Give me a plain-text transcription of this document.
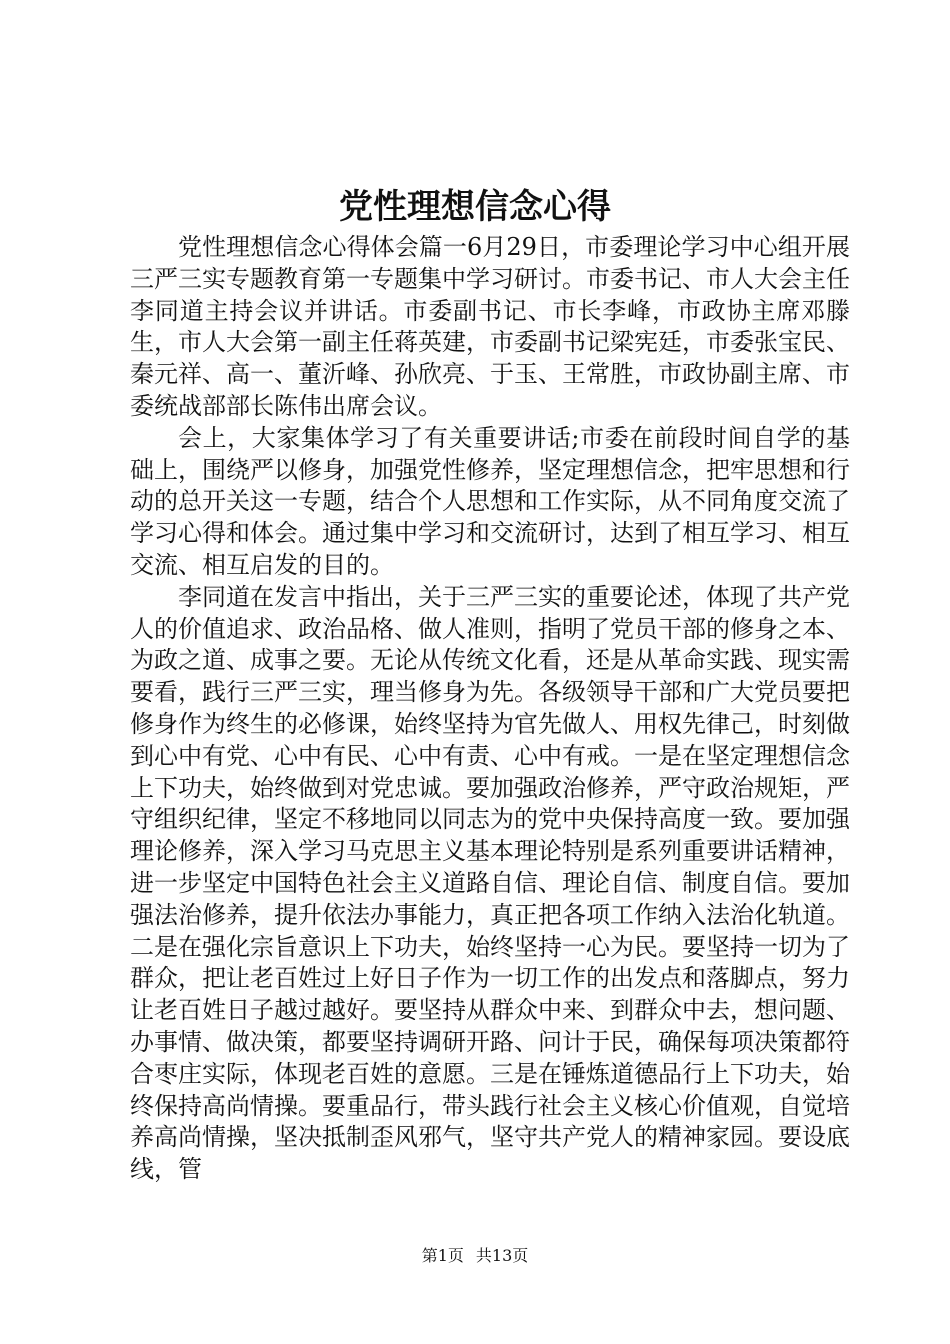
党性理想信念心得

党性理想信念心得体会篇一6月29日，市委理论学习中心组开展三严三实专题教育第一专题集中学习研讨。市委书记、市人大会主任李同道主持会议并讲话。市委副书记、市长李峰，市政协主席邓滕生，市人大会第一副主任蒋英建，市委副书记梁宪廷，市委张宝民、秦元祥、高一、董沂峰、孙欣亮、于玉、王常胜，市政协副主席、市委统战部部长陈伟出席会议。

会上，大家集体学习了有关重要讲话;市委在前段时间自学的基础上，围绕严以修身，加强党性修养，坚定理想信念，把牢思想和行动的总开关这一专题，结合个人思想和工作实际，从不同角度交流了学习心得和体会。通过集中学习和交流研讨，达到了相互学习、相互交流、相互启发的目的。

李同道在发言中指出，关于三严三实的重要论述，体现了共产党人的价值追求、政治品格、做人准则，指明了党员干部的修身之本、为政之道、成事之要。无论从传统文化看，还是从革命实践、现实需要看，践行三严三实，理当修身为先。各级领导干部和广大党员要把修身作为终生的必修课，始终坚持为官先做人、用权先律己，时刻做到心中有党、心中有民、心中有责、心中有戒。一是在坚定理想信念上下功夫，始终做到对党忠诚。要加强政治修养，严守政治规矩，严守组织纪律，坚定不移地同以同志为的党中央保持高度一致。要加强理论修养，深入学习马克思主义基本理论特别是系列重要讲话精神，进一步坚定中国特色社会主义道路自信、理论自信、制度自信。要加强法治修养，提升依法办事能力，真正把各项工作纳入法治化轨道。二是在强化宗旨意识上下功夫，始终坚持一心为民。要坚持一切为了群众，把让老百姓过上好日子作为一切工作的出发点和落脚点，努力让老百姓日子越过越好。要坚持从群众中来、到群众中去，想问题、办事情、做决策，都要坚持调研开路、问计于民，确保每项决策都符合枣庄实际，体现老百姓的意愿。三是在锤炼道德品行上下功夫，始终保持高尚情操。要重品行，带头践行社会主义核心价值观，自觉培养高尚情操，坚决抵制歪风邪气，坚守共产党人的精神家园。要设底线，管

第1页 共13页
